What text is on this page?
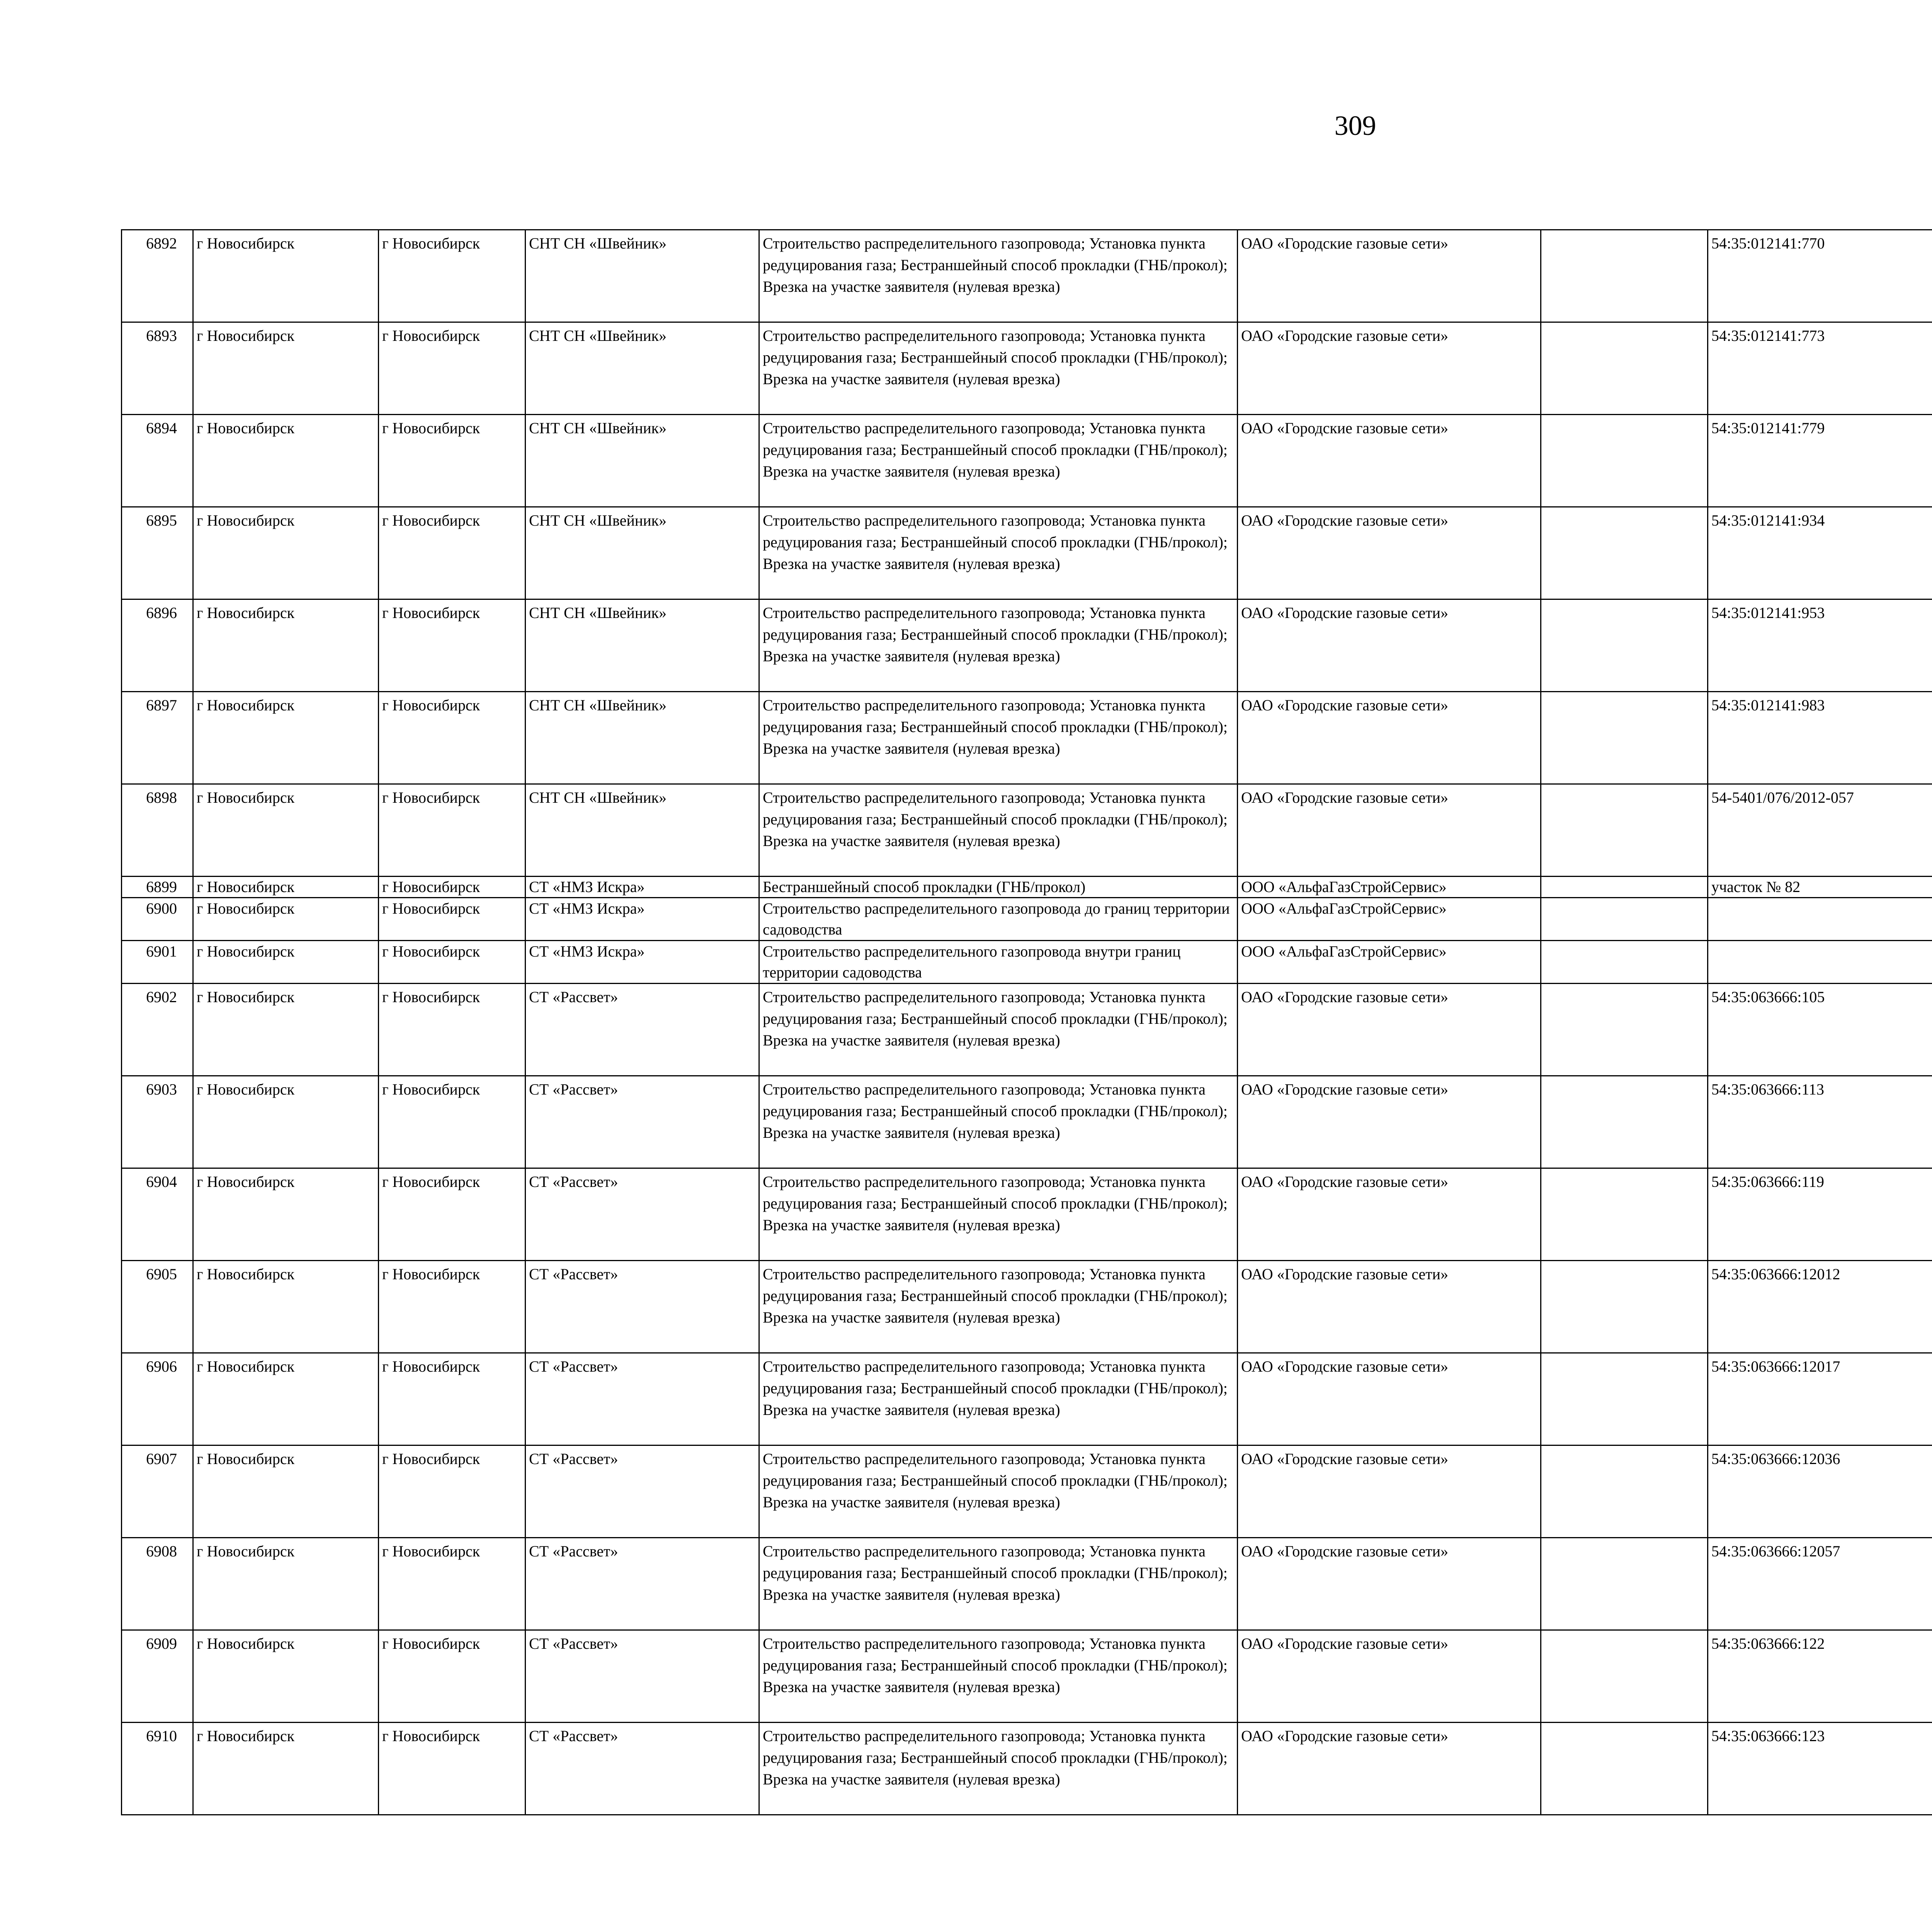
309
6892	г Новосибирск	г Новосибирск	СНТ СН «Швейник»	Строительство распределительного газопровода; Установка пункта редуцирования газа; Бестраншейный способ прокладки (ГНБ/прокол); Врезка на участке заявителя (нулевая врезка)	ОАО «Городские газовые сети»		54:35:012141:770					
6893	г Новосибирск	г Новосибирск	СНТ СН «Швейник»	Строительство распределительного газопровода; Установка пункта редуцирования газа; Бестраншейный способ прокладки (ГНБ/прокол); Врезка на участке заявителя (нулевая врезка)	ОАО «Городские газовые сети»		54:35:012141:773					
6894	г Новосибирск	г Новосибирск	СНТ СН «Швейник»	Строительство распределительного газопровода; Установка пункта редуцирования газа; Бестраншейный способ прокладки (ГНБ/прокол); Врезка на участке заявителя (нулевая врезка)	ОАО «Городские газовые сети»		54:35:012141:779					
6895	г Новосибирск	г Новосибирск	СНТ СН «Швейник»	Строительство распределительного газопровода; Установка пункта редуцирования газа; Бестраншейный способ прокладки (ГНБ/прокол); Врезка на участке заявителя (нулевая врезка)	ОАО «Городские газовые сети»		54:35:012141:934					
6896	г Новосибирск	г Новосибирск	СНТ СН «Швейник»	Строительство распределительного газопровода; Установка пункта редуцирования газа; Бестраншейный способ прокладки (ГНБ/прокол); Врезка на участке заявителя (нулевая врезка)	ОАО «Городские газовые сети»		54:35:012141:953					
6897	г Новосибирск	г Новосибирск	СНТ СН «Швейник»	Строительство распределительного газопровода; Установка пункта редуцирования газа; Бестраншейный способ прокладки (ГНБ/прокол); Врезка на участке заявителя (нулевая врезка)	ОАО «Городские газовые сети»		54:35:012141:983					
6898	г Новосибирск	г Новосибирск	СНТ СН «Швейник»	Строительство распределительного газопровода; Установка пункта редуцирования газа; Бестраншейный способ прокладки (ГНБ/прокол); Врезка на участке заявителя (нулевая врезка)	ОАО «Городские газовые сети»		54-5401/076/2012-057					
6899	г Новосибирск	г Новосибирск	СТ «НМЗ Искра»	Бестраншейный способ прокладки (ГНБ/прокол)	ООО «АльфаГазСтройСервис»		участок № 82					
6900	г Новосибирск	г Новосибирск	СТ «НМЗ Искра»	Строительство распределительного газопровода до границ территории садоводства	ООО «АльфаГазСтройСервис»							
6901	г Новосибирск	г Новосибирск	СТ «НМЗ Искра»	Строительство распределительного газопровода внутри границ территории садоводства	ООО «АльфаГазСтройСервис»							
6902	г Новосибирск	г Новосибирск	СТ «Рассвет»	Строительство распределительного газопровода; Установка пункта редуцирования газа; Бестраншейный способ прокладки (ГНБ/прокол); Врезка на участке заявителя (нулевая врезка)	ОАО «Городские газовые сети»		54:35:063666:105					
6903	г Новосибирск	г Новосибирск	СТ «Рассвет»	Строительство распределительного газопровода; Установка пункта редуцирования газа; Бестраншейный способ прокладки (ГНБ/прокол); Врезка на участке заявителя (нулевая врезка)	ОАО «Городские газовые сети»		54:35:063666:113					
6904	г Новосибирск	г Новосибирск	СТ «Рассвет»	Строительство распределительного газопровода; Установка пункта редуцирования газа; Бестраншейный способ прокладки (ГНБ/прокол); Врезка на участке заявителя (нулевая врезка)	ОАО «Городские газовые сети»		54:35:063666:119					
6905	г Новосибирск	г Новосибирск	СТ «Рассвет»	Строительство распределительного газопровода; Установка пункта редуцирования газа; Бестраншейный способ прокладки (ГНБ/прокол); Врезка на участке заявителя (нулевая врезка)	ОАО «Городские газовые сети»		54:35:063666:12012					
6906	г Новосибирск	г Новосибирск	СТ «Рассвет»	Строительство распределительного газопровода; Установка пункта редуцирования газа; Бестраншейный способ прокладки (ГНБ/прокол); Врезка на участке заявителя (нулевая врезка)	ОАО «Городские газовые сети»		54:35:063666:12017					
6907	г Новосибирск	г Новосибирск	СТ «Рассвет»	Строительство распределительного газопровода; Установка пункта редуцирования газа; Бестраншейный способ прокладки (ГНБ/прокол); Врезка на участке заявителя (нулевая врезка)	ОАО «Городские газовые сети»		54:35:063666:12036					
6908	г Новосибирск	г Новосибирск	СТ «Рассвет»	Строительство распределительного газопровода; Установка пункта редуцирования газа; Бестраншейный способ прокладки (ГНБ/прокол); Врезка на участке заявителя (нулевая врезка)	ОАО «Городские газовые сети»		54:35:063666:12057					
6909	г Новосибирск	г Новосибирск	СТ «Рассвет»	Строительство распределительного газопровода; Установка пункта редуцирования газа; Бестраншейный способ прокладки (ГНБ/прокол); Врезка на участке заявителя (нулевая врезка)	ОАО «Городские газовые сети»		54:35:063666:122					
6910	г Новосибирск	г Новосибирск	СТ «Рассвет»	Строительство распределительного газопровода; Установка пункта редуцирования газа; Бестраншейный способ прокладки (ГНБ/прокол); Врезка на участке заявителя (нулевая врезка)	ОАО «Городские газовые сети»		54:35:063666:123					
